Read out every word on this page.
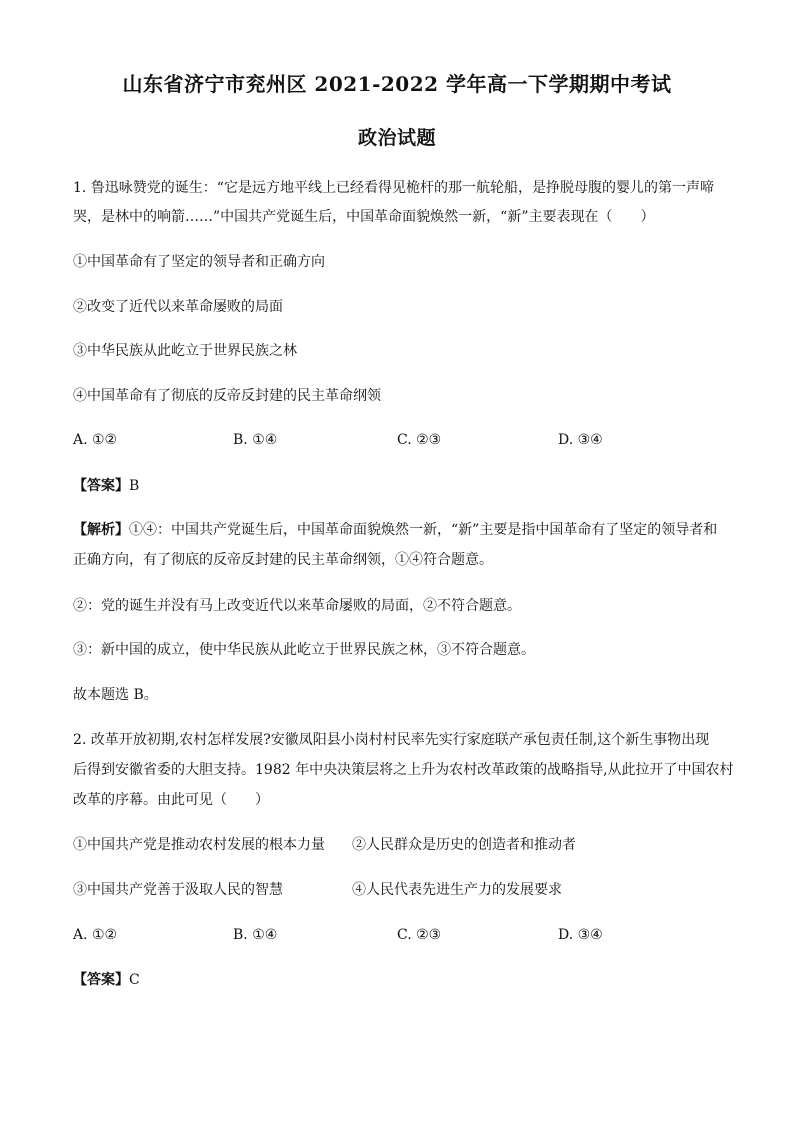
山东省济宁市兖州区 2021-2022 学年高一下学期期中考试
政治试题
1. 鲁迅咏赞党的诞生：“它是远方地平线上已经看得见桅杆的那一航轮船，是挣脱母腹的婴儿的第一声啼
哭，是林中的响箭……”中国共产党诞生后，中国革命面貌焕然一新，“新”主要表现在（　　）
①中国革命有了坚定的领导者和正确方向
②改变了近代以来革命屡败的局面
③中华民族从此屹立于世界民族之林
④中国革命有了彻底的反帝反封建的民主革命纲领
A. ①②	B. ①④	C. ②③	D. ③④
【答案】B
【解析】①④：中国共产党诞生后，中国革命面貌焕然一新，“新”主要是指中国革命有了坚定的领导者和
正确方向，有了彻底的反帝反封建的民主革命纲领，①④符合题意。
②：党的诞生并没有马上改变近代以来革命屡败的局面，②不符合题意。
③：新中国的成立，使中华民族从此屹立于世界民族之林，③不符合题意。
故本题选 B。
2. 改革开放初期,农村怎样发展?安徽凤阳县小岗村村民率先实行家庭联产承包责任制,这个新生事物出现
后得到安徽省委的大胆支持。1982 年中央决策层将之上升为农村改革政策的战略指导,从此拉开了中国农村
改革的序幕。由此可见（　　）
①中国共产党是推动农村发展的根本力量 ②人民群众是历史的创造者和推动者
③中国共产党善于汲取人民的智慧	④人民代表先进生产力的发展要求
A. ①②	B. ①④	C. ②③	D. ③④
【答案】C
